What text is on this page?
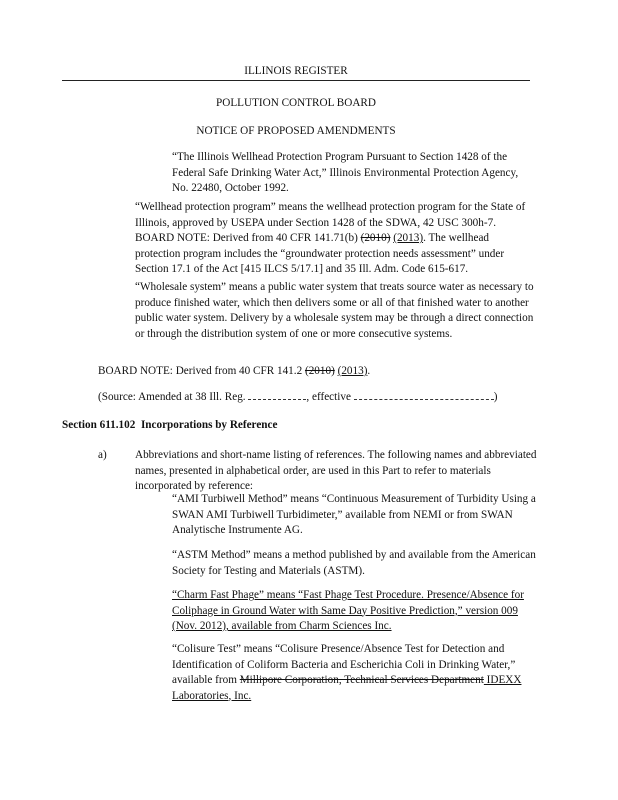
ILLINOIS REGISTER
POLLUTION CONTROL BOARD
NOTICE OF PROPOSED AMENDMENTS

“The Illinois Wellhead Protection Program Pursuant to Section 1428 of the Federal Safe Drinking Water Act,” Illinois Environmental Protection Agency, No. 22480, October 1992.

“Wellhead protection program” means the wellhead protection program for the State of Illinois, approved by USEPA under Section 1428 of the SDWA, 42 USC 300h-7. BOARD NOTE: Derived from 40 CFR 141.71(b) (2010) (2013). The wellhead protection program includes the “groundwater protection needs assessment” under Section 17.1 of the Act [415 ILCS 5/17.1] and 35 Ill. Adm. Code 615-617.

“Wholesale system” means a public water system that treats source water as necessary to produce finished water, which then delivers some or all of that finished water to another public water system. Delivery by a wholesale system may be through a direct connection or through the distribution system of one or more consecutive systems.

BOARD NOTE: Derived from 40 CFR 141.2 (2010) (2013).
(Source: Amended at 38 Ill. Reg.	, effective	)
Section 611.102 Incorporations by Reference
a)	Abbreviations and short-name listing of references. The following names and abbreviated names, presented in alphabetical order, are used in this Part to refer to materials incorporated by reference:

“AMI Turbiwell Method” means “Continuous Measurement of Turbidity Using a SWAN AMI Turbiwell Turbidimeter,” available from NEMI or from SWAN Analytische Instrumente AG.

“ASTM Method” means a method published by and available from the American Society for Testing and Materials (ASTM).

“Charm Fast Phage” means “Fast Phage Test Procedure. Presence/Absence for Coliphage in Ground Water with Same Day Positive Prediction,” version 009 (Nov. 2012), available from Charm Sciences Inc.

“Colisure Test” means “Colisure Presence/Absence Test for Detection and Identification of Coliform Bacteria and Escherichia Coli in Drinking Water,” available from Millipore Corporation, Technical Services Department IDEXX Laboratories, Inc.
